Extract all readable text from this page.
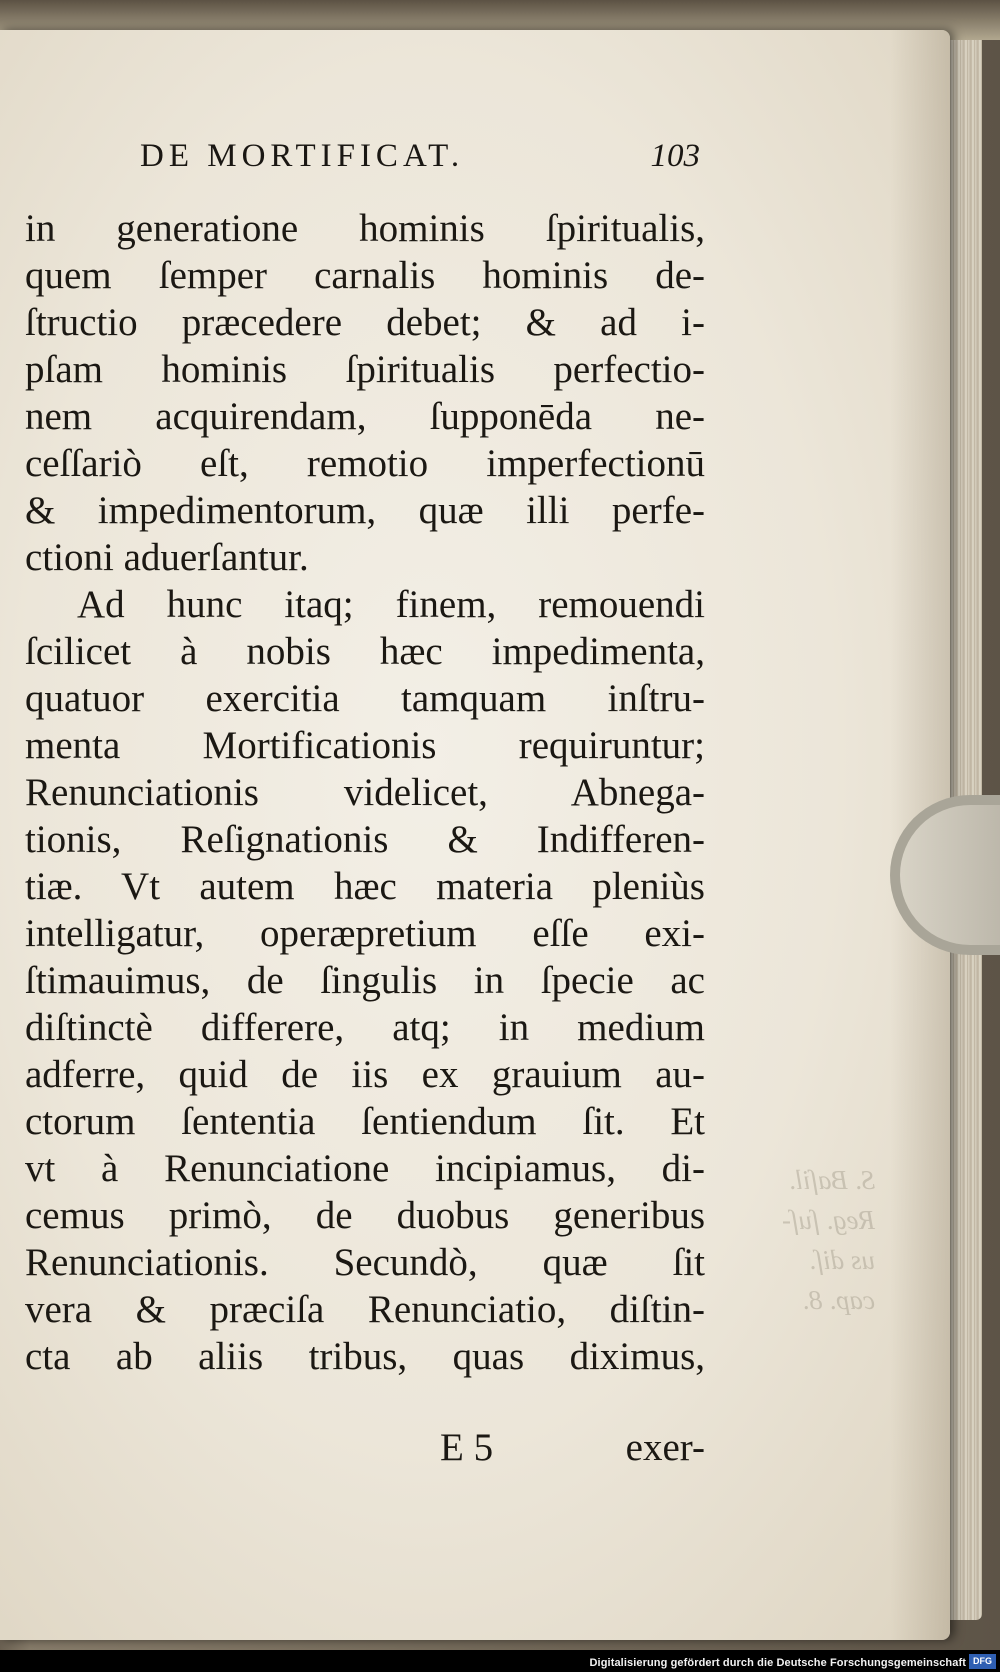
S. Baſil.
Reg. ſuſ-
us diſ.
cap. 8.
DE MORTIFICAT.	103
in generatione hominis ſpiritualis,
quem ſemper carnalis hominis de-
ſtructio præcedere debet; & ad i-
pſam hominis ſpiritualis perfectio-
nem acquirendam, ſupponēda ne-
ceſſariò eſt, remotio imperfectionū
& impedimentorum, quæ illi perfe-
ctioni aduerſantur.
Ad hunc itaq; finem, remouendi
ſcilicet à nobis hæc impedimenta,
quatuor exercitia tamquam inſtru-
menta Mortificationis requiruntur;
Renunciationis videlicet, Abnega-
tionis, Reſignationis & Indifferen-
tiæ. Vt autem hæc materia pleniùs
intelligatur, operæpretium eſſe exi-
ſtimauimus, de ſingulis in ſpecie ac
diſtinctè differere, atq; in medium
adferre, quid de iis ex grauium au-
ctorum ſententia ſentiendum ſit. Et
vt à Renunciatione incipiamus, di-
cemus primò, de duobus generibus
Renunciationis. Secundò, quæ ſit
vera & præciſa Renunciatio, diſtin-
cta ab aliis tribus, quas diximus,
E 5	exer-
Digitalisierung gefördert durch die Deutsche Forschungsgemeinschaft DFG
